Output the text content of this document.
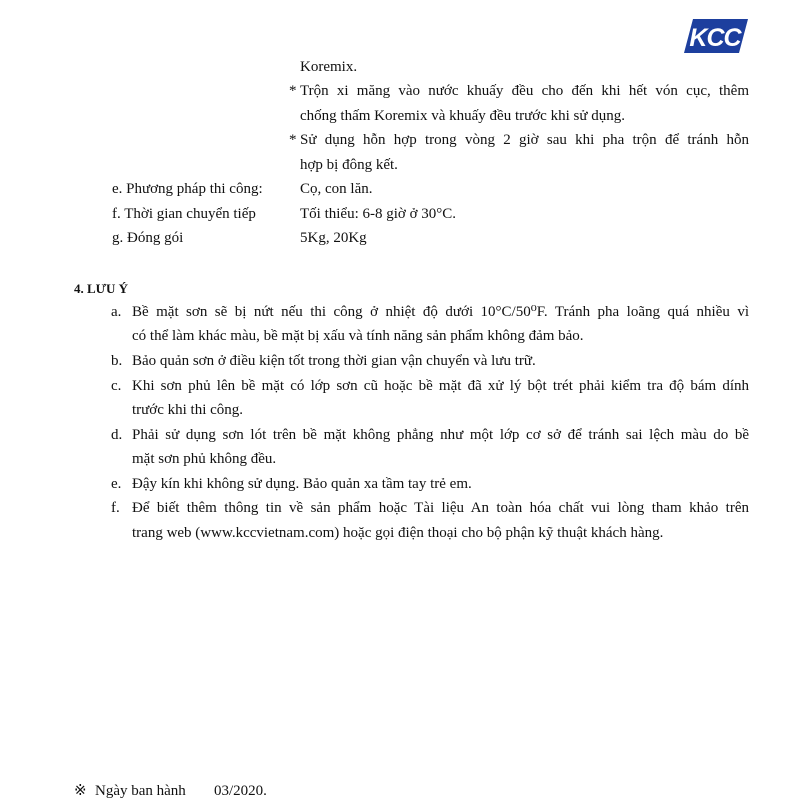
KCC
Koremix.
* Trộn xi măng vào nước khuấy đều cho đến khi hết vón cục, thêm
chống thấm Koremix và khuấy đều trước khi sử dụng.
* Sử dụng hỗn hợp trong vòng 2 giờ sau khi pha trộn để tránh hỗn
hợp bị đông kết.
e. Phương pháp thi công: Cọ, con lăn.
f. Thời gian chuyển tiếp	Tối thiểu: 6-8 giờ ở 30°C.
g. Đóng gói	5Kg, 20Kg
4. LƯU Ý
a. Bề mặt sơn sẽ bị nứt nếu thi công ở nhiệt độ dưới 10°C/50⁰F. Tránh pha loãng quá nhiều vì
có thể làm khác màu, bề mặt bị xấu và tính năng sản phẩm không đảm bảo.
b. Bảo quản sơn ở điều kiện tốt trong thời gian vận chuyển và lưu trữ.
c. Khi sơn phủ lên bề mặt có lớp sơn cũ hoặc bề mặt đã xử lý bột trét phải kiểm tra độ bám dính
trước khi thi công.
d. Phải sử dụng sơn lót trên bề mặt không phẳng như một lớp cơ sở để tránh sai lệch màu do bề
mặt sơn phủ không đều.
e. Đậy kín khi không sử dụng. Bảo quản xa tầm tay trẻ em.
f. Để biết thêm thông tin về sản phẩm hoặc Tài liệu An toàn hóa chất vui lòng tham khảo trên
trang web (www.kccvietnam.com) hoặc gọi điện thoại cho bộ phận kỹ thuật khách hàng.
※ Ngày ban hành 03/2020.
